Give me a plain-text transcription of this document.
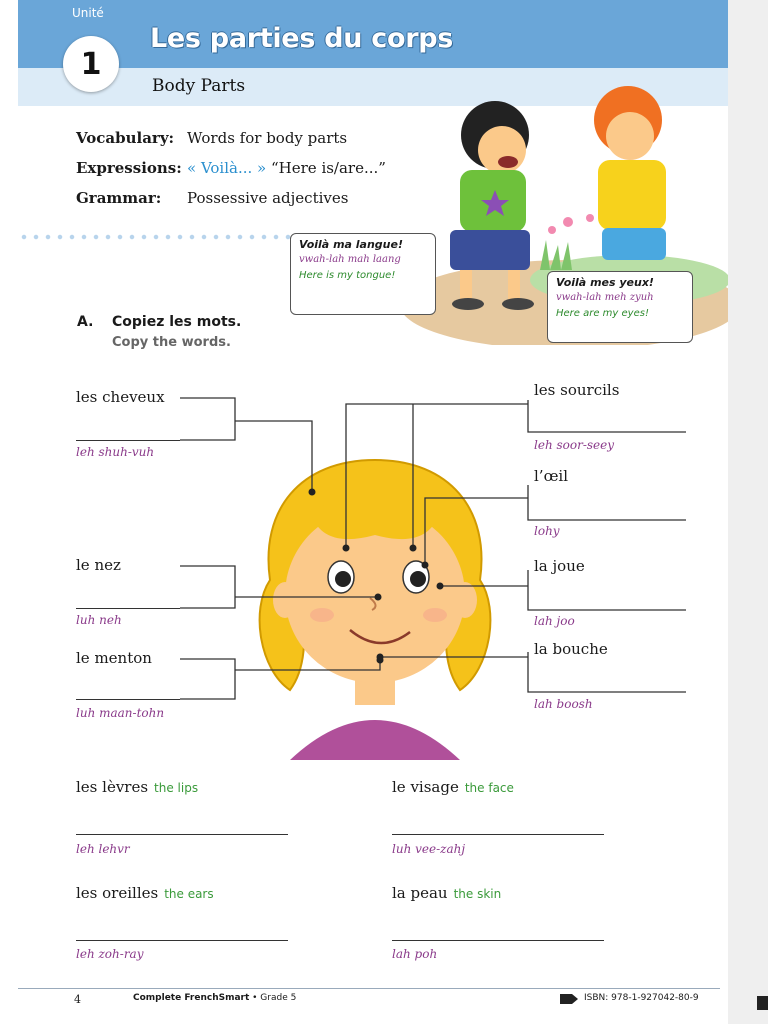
Unité
1
Les parties du corps
Body Parts
Vocabulary: Words for body parts
Expressions: « Voilà... » “Here is/are...”
Grammar: Possessive adjectives
Voilà ma langue!
vwah-lah mah laang
Here is my tongue!
Voilà mes yeux!
vwah-lah meh zyuh
Here are my eyes!
A. Copiez les mots.
Copy the words.
les cheveux
leh shuh-vuh
le nez
luh neh
le menton
luh maan-tohn
les sourcils
leh soor-seey
l’œil
lohy
la joue
lah joo
la bouche
lah boosh
les lèvres the lips
leh lehvr
le visage the face
luh vee-zahj
les oreilles the ears
leh zoh-ray
la peau the skin
lah poh
4	Complete FrenchSmart • Grade 5	ISBN: 978-1-927042-80-9
